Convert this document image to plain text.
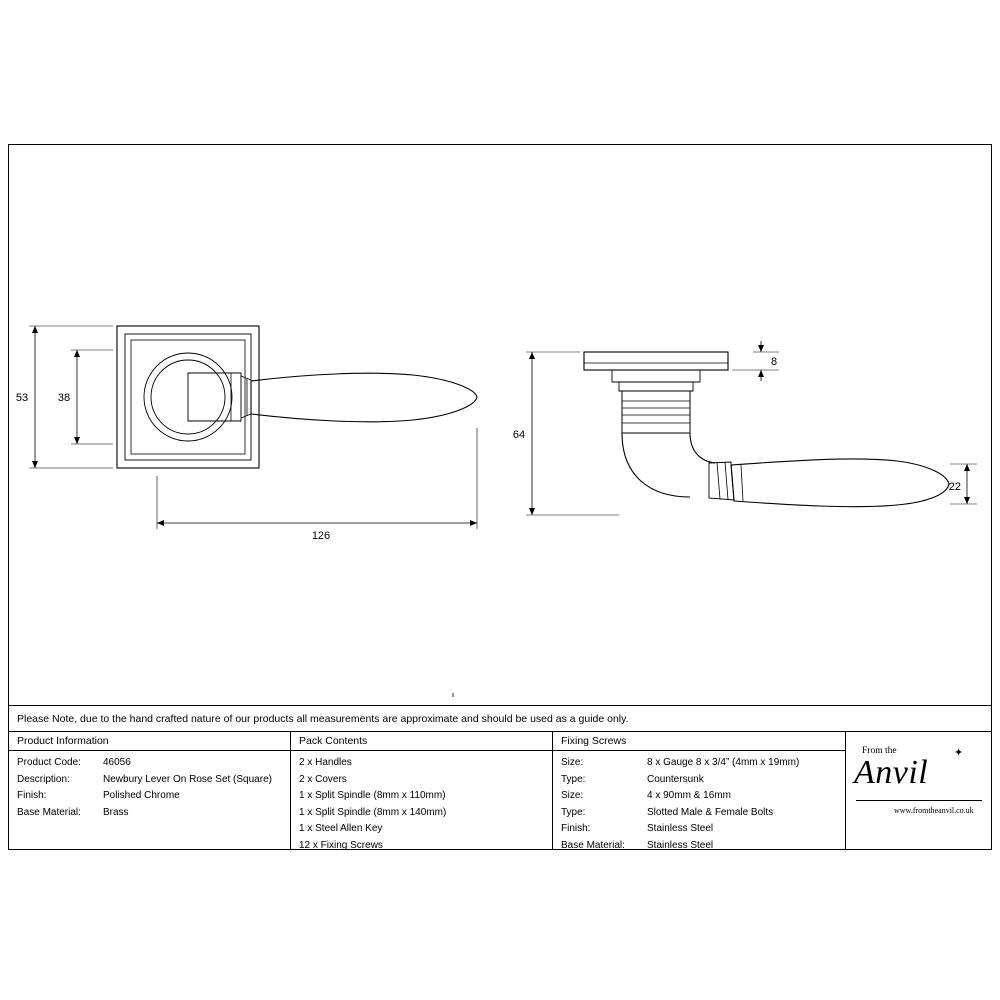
53	38
126
8
64
22
Please Note, due to the hand crafted nature of our products all measurements are approximate and should be used as a guide only.
Product Information
Product Code: 46056
Description:	Newbury Lever On Rose Set (Square)
Finish:	Polished Chrome
Base Material: Brass
Pack Contents
2 x Handles
2 x Covers
1 x Split Spindle (8mm x 110mm)
1 x Split Spindle (8mm x 140mm)
1 x Steel Allen Key
12 x Fixing Screws
Fixing Screws
Size:	8 x Gauge 8 x 3/4” (4mm x 19mm)
Type:	Countersunk
Size:	4 x 90mm & 16mm
Type:	Slotted Male & Female Bolts
Finish:	Stainless Steel
Base Material: Stainless Steel
From the	✦
Anvil
www.fromtheanvil.co.uk
